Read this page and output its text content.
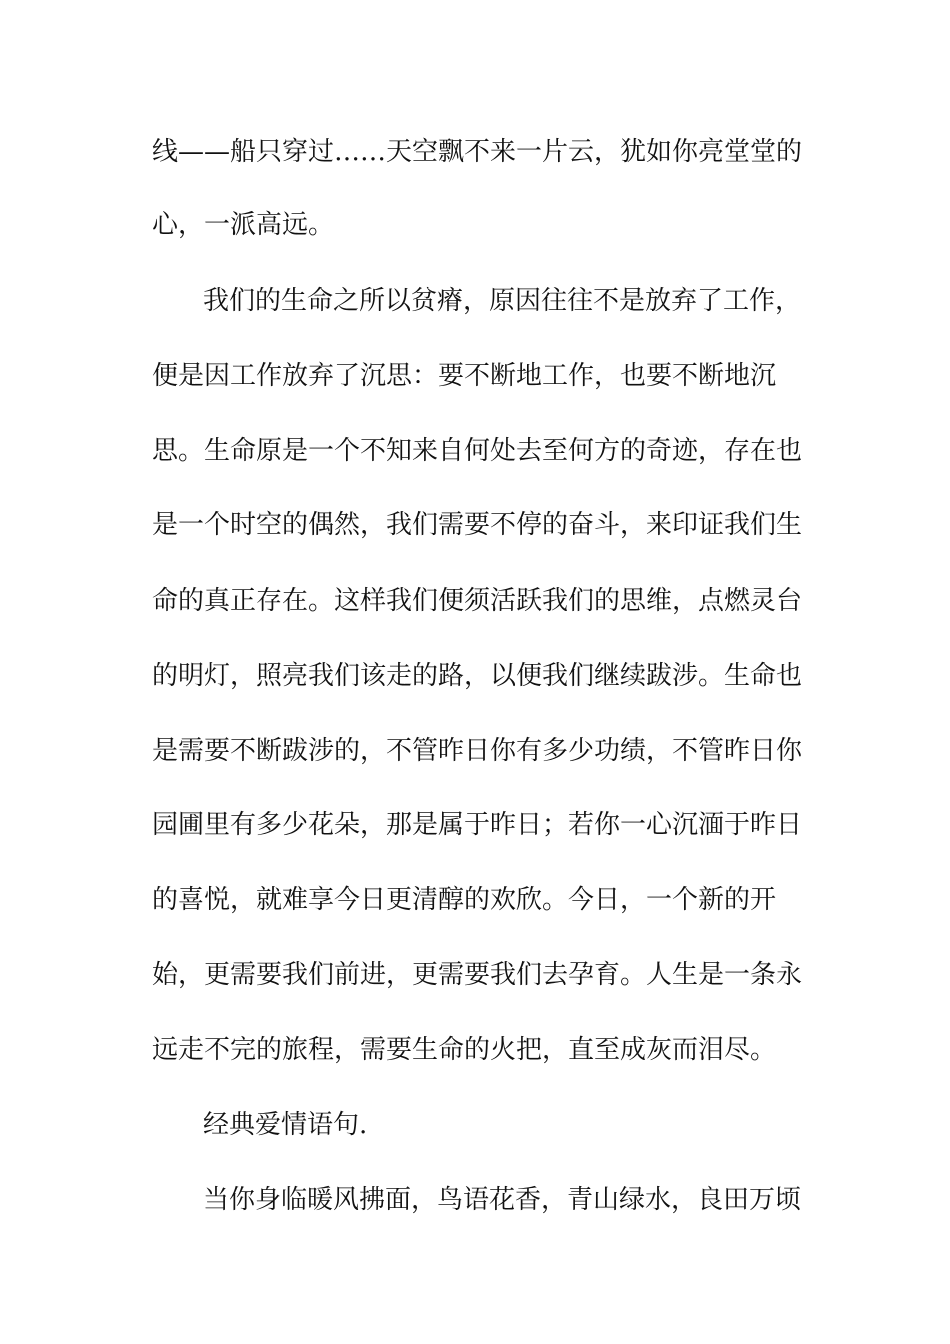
线——船只穿过……天空飘不来一片云，犹如你亮堂堂的
心，一派高远。
我们的生命之所以贫瘠，原因往往不是放弃了工作，
便是因工作放弃了沉思：要不断地工作，也要不断地沉
思。生命原是一个不知来自何处去至何方的奇迹，存在也
是一个时空的偶然，我们需要不停的奋斗，来印证我们生
命的真正存在。这样我们便须活跃我们的思维，点燃灵台
的明灯，照亮我们该走的路，以便我们继续跋涉。生命也
是需要不断跋涉的，不管昨日你有多少功绩，不管昨日你
园圃里有多少花朵，那是属于昨日；若你一心沉湎于昨日
的喜悦，就难享今日更清醇的欢欣。今日，一个新的开
始，更需要我们前进，更需要我们去孕育。人生是一条永
远走不完的旅程，需要生命的火把，直至成灰而泪尽。
经典爱情语句.
当你身临暖风拂面，鸟语花香，青山绿水，良田万顷
